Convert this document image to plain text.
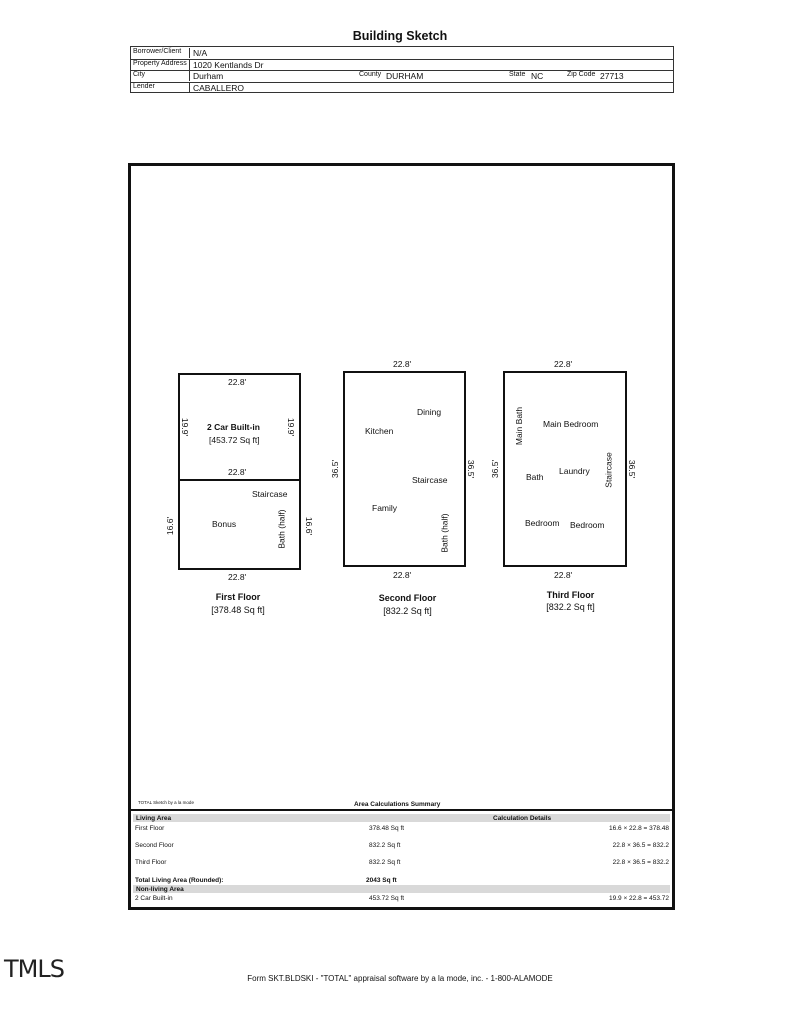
Building Sketch
Borrower/Client	N/A
Property Address 1020 Kentlands Dr
City	Durham	County DURHAM	State NC	Zip Code 27713
Lender	CABALLERO
22.8'
19.9'	19.9'
2 Car Built-in
[453.72 Sq ft]
22.8'
16.6'	16.6'
Staircase
Bonus	Bath (half)
22.8'
First Floor
[378.48 Sq ft]
22.8'
36.5'	36.5'
Dining
Kitchen
Staircase
Family
Bath (half)
22.8'
Second Floor
[832.2 Sq ft]
22.8'
36.5'	36.5'
Main Bath Main Bedroom
Laundry
Bath	Staircase
Bedroom Bedroom
22.8'
Third Floor
[832.2 Sq ft]
TOTAL Sketch by a la mode	Area Calculations Summary
Living Area	Calculation Details
First Floor	378.48 Sq ft	16.6 × 22.8 = 378.48
Second Floor	832.2 Sq ft	22.8 × 36.5 = 832.2
Third Floor	832.2 Sq ft	22.8 × 36.5 = 832.2
Total Living Area (Rounded):	2043 Sq ft
Non-living Area
2 Car Built-in	453.72 Sq ft	19.9 × 22.8 = 453.72
TMLS	Form SKT.BLDSKI - "TOTAL" appraisal software by a la mode, inc. - 1-800-ALAMODE
